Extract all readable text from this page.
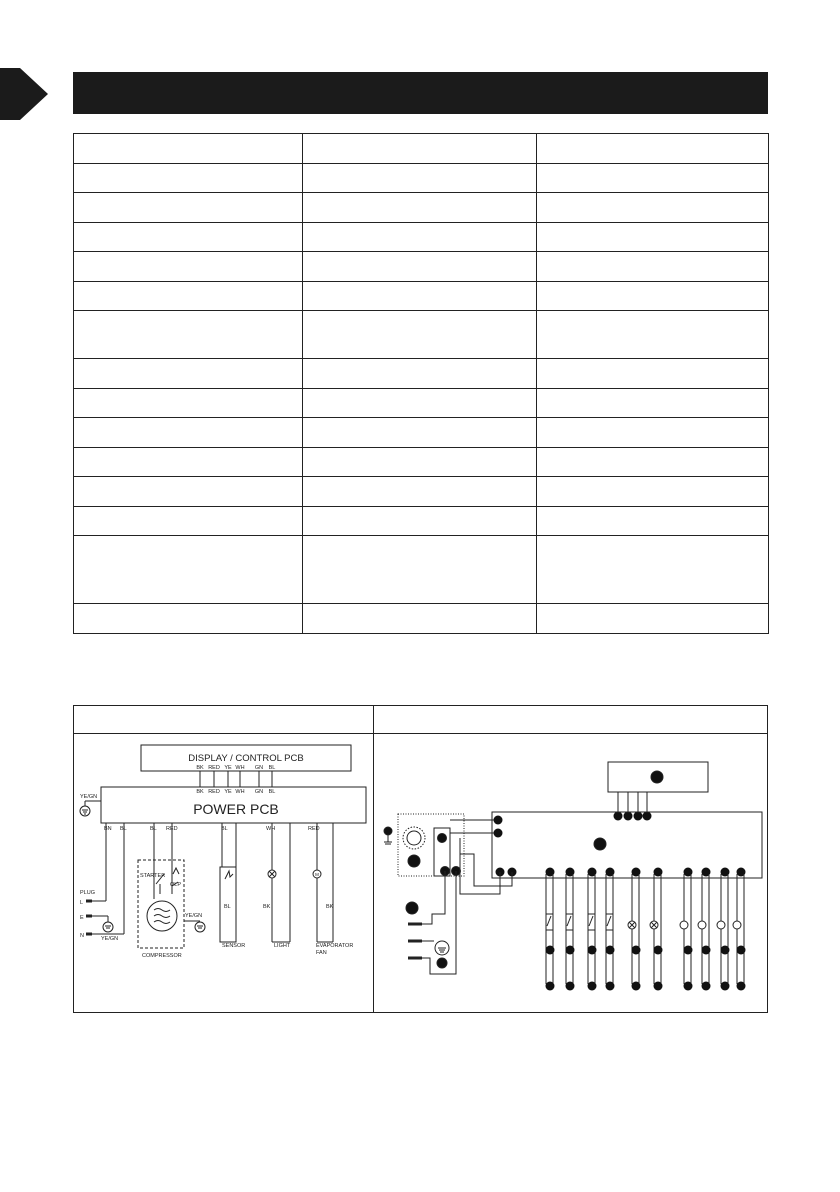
DISPLAY / CONTROL PCB
BK RED YE WH GN BL
BK RED YE WH GN BL
POWER PCB
YE/GN
BN BL	BL RED	BL	WH	RED
PLUG
L
E
N	YE/GN
STARTER
OLP
YE/GN
COMPRESSOR
BL
SENSOR
BK
LIGHT
M
BK
EVAPORATOR
FAN
